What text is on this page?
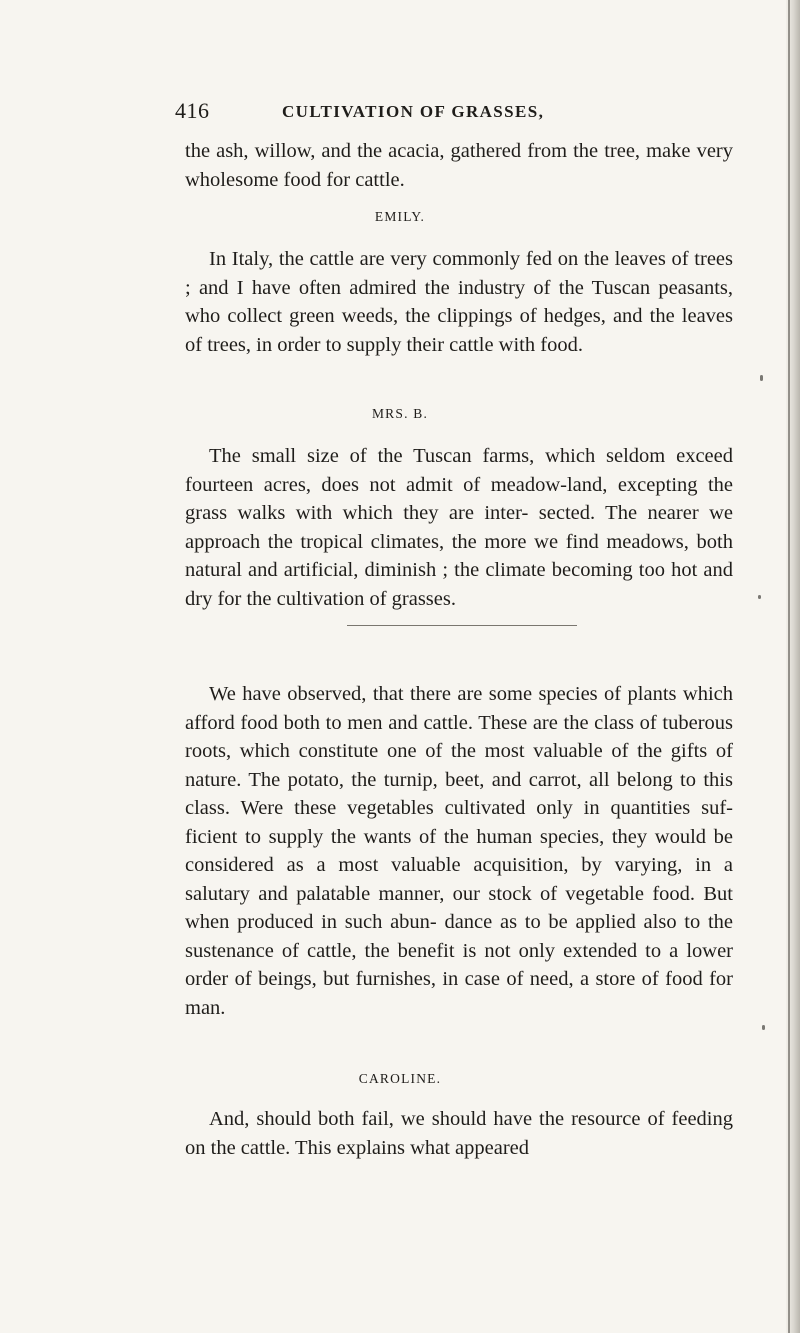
416	CULTIVATION OF GRASSES,

the ash, willow, and the acacia, gathered from the tree, make very wholesome food for cattle.

EMILY.

In Italy, the cattle are very commonly fed on the leaves of trees ; and I have often admired the industry of the Tuscan peasants, who collect green weeds, the clippings of hedges, and the leaves of trees, in order to supply their cattle with food.

MRS. B.

The small size of the Tuscan farms, which seldom exceed fourteen acres, does not admit of meadow-land, excepting the grass walks with which they are inter- sected. The nearer we approach the tropical climates, the more we find meadows, both natural and artificial, diminish ; the climate becoming too hot and dry for the cultivation of grasses.

We have observed, that there are some species of plants which afford food both to men and cattle. These are the class of tuberous roots, which constitute one of the most valuable of the gifts of nature. The potato, the turnip, beet, and carrot, all belong to this class. Were these vegetables cultivated only in quantities suf- ficient to supply the wants of the human species, they would be considered as a most valuable acquisition, by varying, in a salutary and palatable manner, our stock of vegetable food. But when produced in such abun- dance as to be applied also to the sustenance of cattle, the benefit is not only extended to a lower order of beings, but furnishes, in case of need, a store of food for man.

CAROLINE.

And, should both fail, we should have the resource of feeding on the cattle. This explains what appeared
